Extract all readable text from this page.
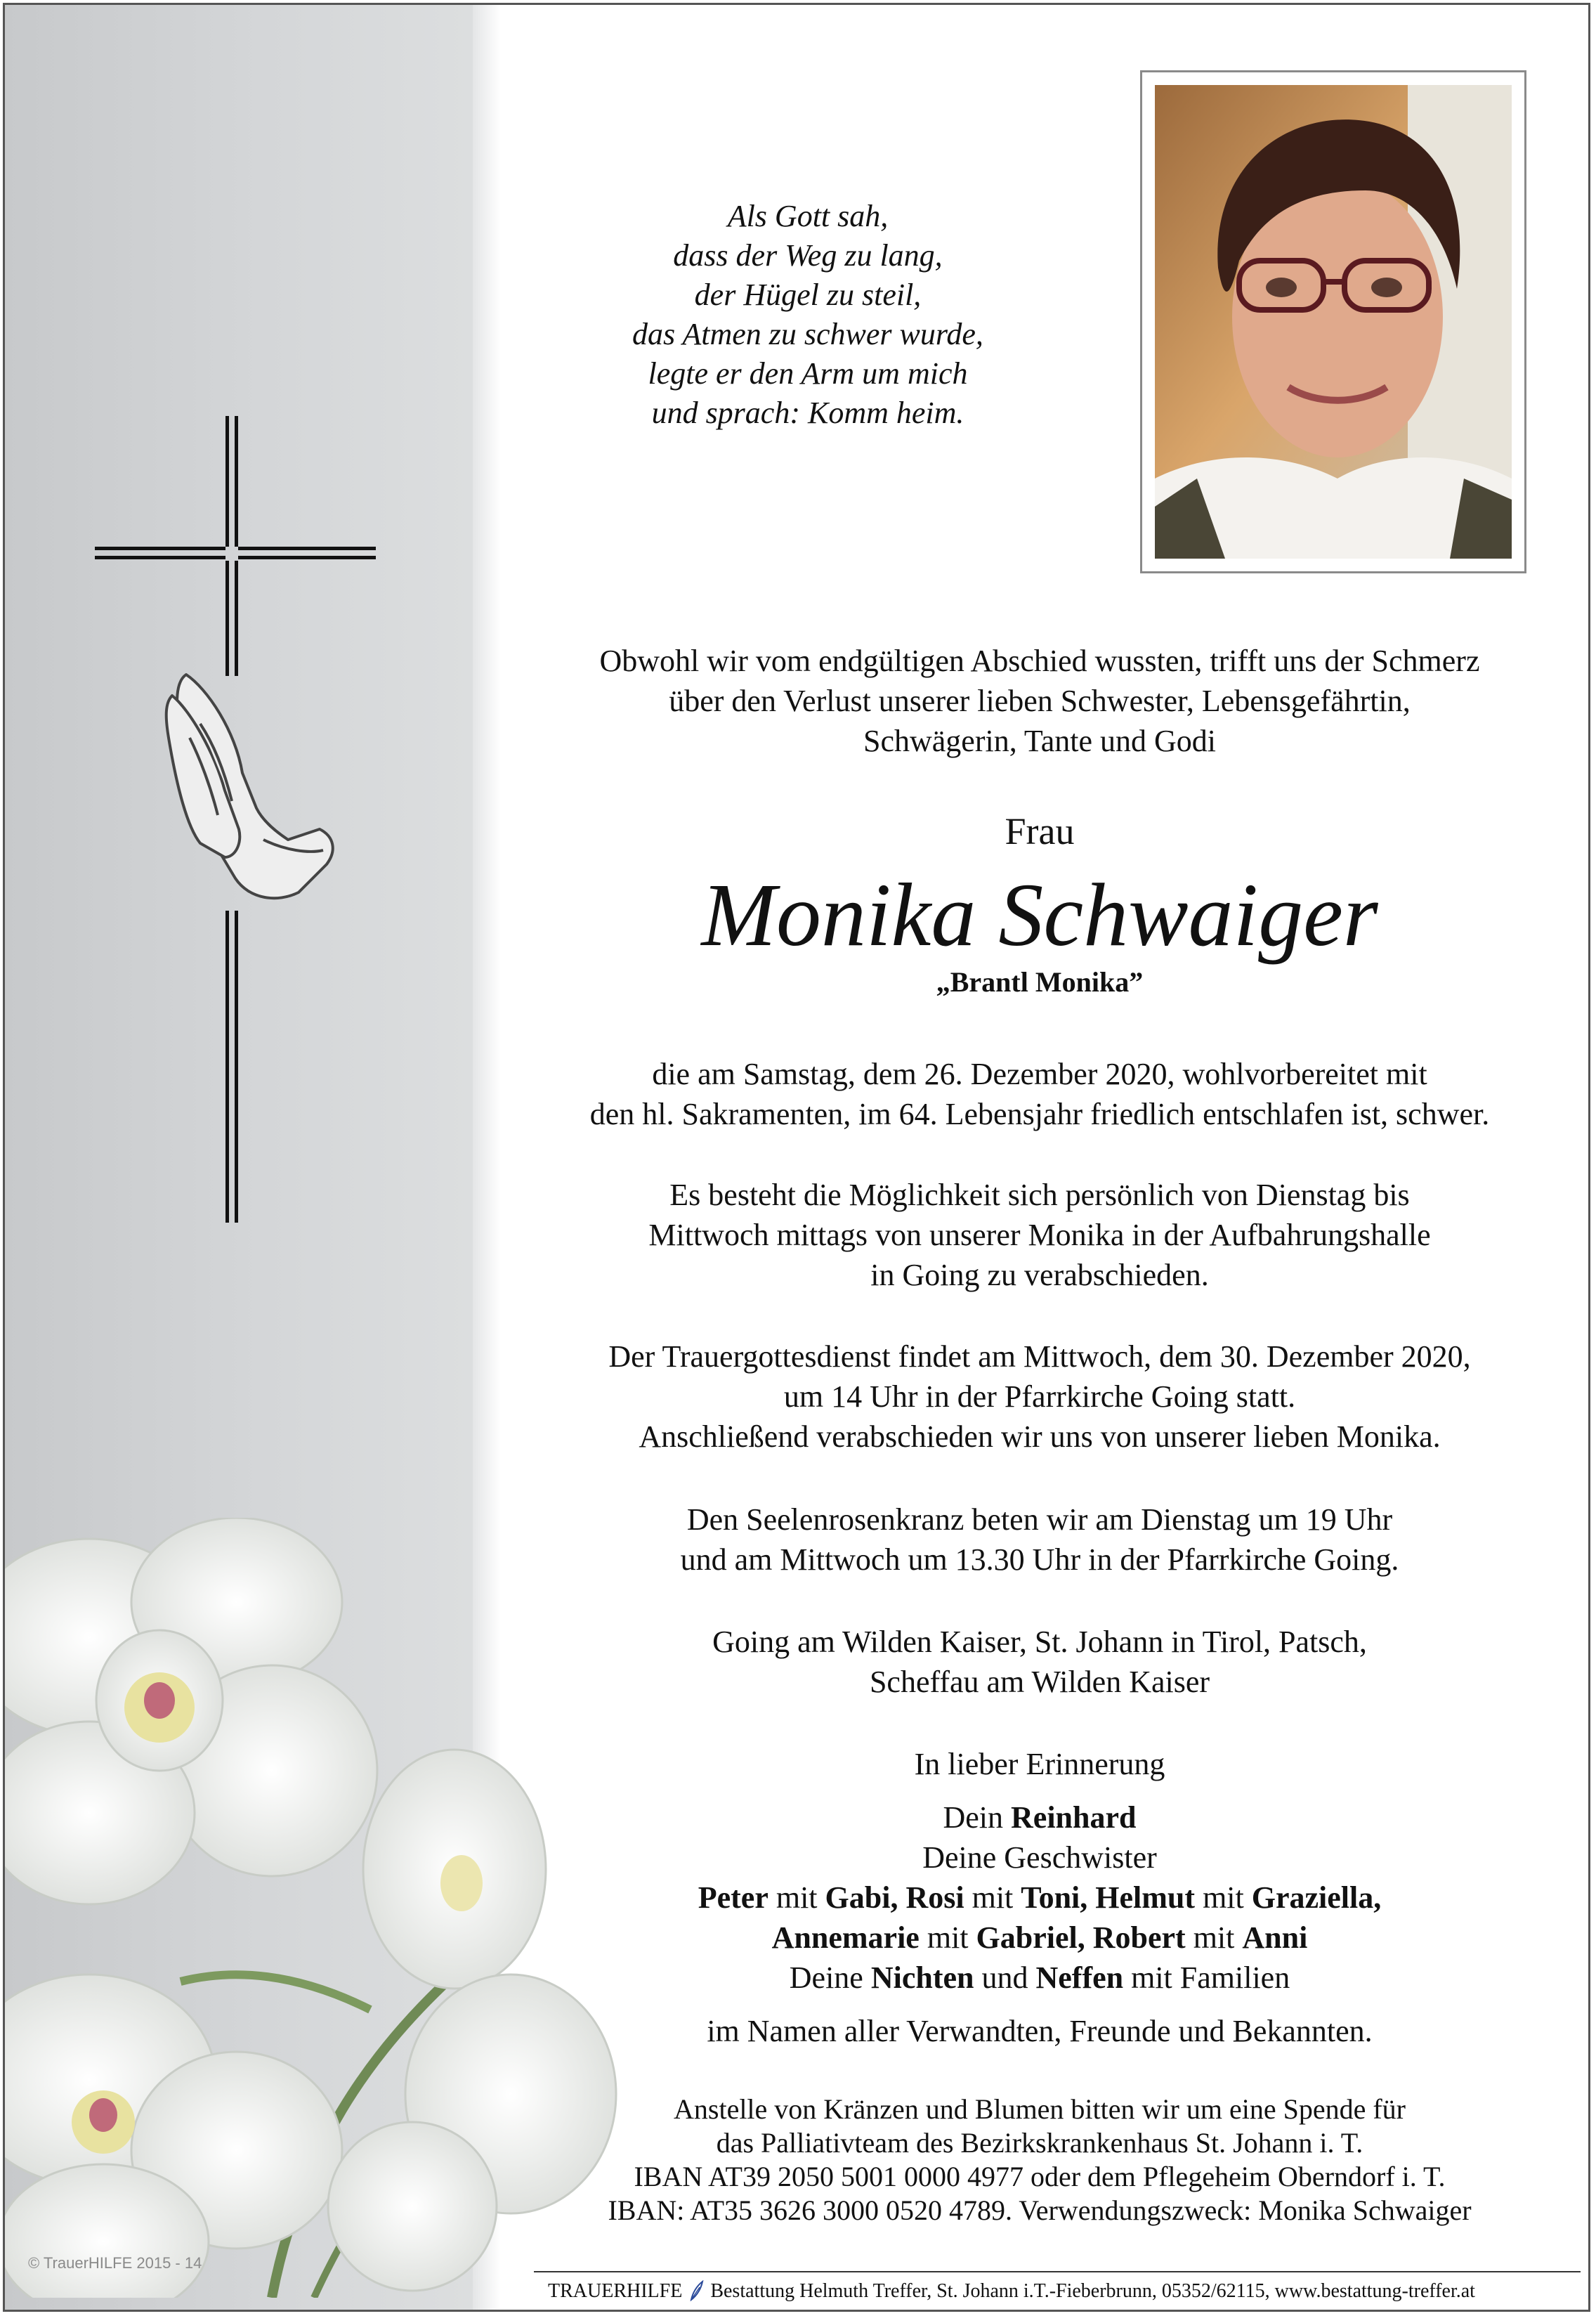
Als Gott sah,
dass der Weg zu lang,
der Hügel zu steil,
das Atmen zu schwer wurde,
legte er den Arm um mich
und sprach: Komm heim.
Obwohl wir vom endgültigen Abschied wussten, trifft uns der Schmerz
über den Verlust unserer lieben Schwester, Lebensgefährtin,
Schwägerin, Tante und Godi
Frau
Monika Schwaiger
„Brantl Monika”
die am Samstag, dem 26. Dezember 2020, wohlvorbereitet mit
den hl. Sakramenten, im 64. Lebensjahr friedlich entschlafen ist, schwer.
Es besteht die Möglichkeit sich persönlich von Dienstag bis
Mittwoch mittags von unserer Monika in der Aufbahrungshalle
in Going zu verabschieden.
Der Trauergottesdienst findet am Mittwoch, dem 30. Dezember 2020,
um 14 Uhr in der Pfarrkirche Going statt.
Anschließend verabschieden wir uns von unserer lieben Monika.
Den Seelenrosenkranz beten wir am Dienstag um 19 Uhr
und am Mittwoch um 13.30 Uhr in der Pfarrkirche Going.
Going am Wilden Kaiser, St. Johann in Tirol, Patsch,
Scheffau am Wilden Kaiser
In lieber Erinnerung
Dein Reinhard
Deine Geschwister
Peter mit Gabi, Rosi mit Toni, Helmut mit Graziella,
Annemarie mit Gabriel, Robert mit Anni
Deine Nichten und Neffen mit Familien
im Namen aller Verwandten, Freunde und Bekannten.
Anstelle von Kränzen und Blumen bitten wir um eine Spende für
das Palliativteam des Bezirkskrankenhaus St. Johann i. T.
IBAN AT39 2050 5001 0000 4977 oder dem Pflegeheim Oberndorf i. T.
IBAN: AT35 3626 3000 0520 4789. Verwendungszweck: Monika Schwaiger
© TrauerHILFE 2015 - 14
TRAUERHILFE Bestattung Helmuth Treffer, St. Johann i.T.-Fieberbrunn, 05352/62115, www.bestattung-treffer.at
